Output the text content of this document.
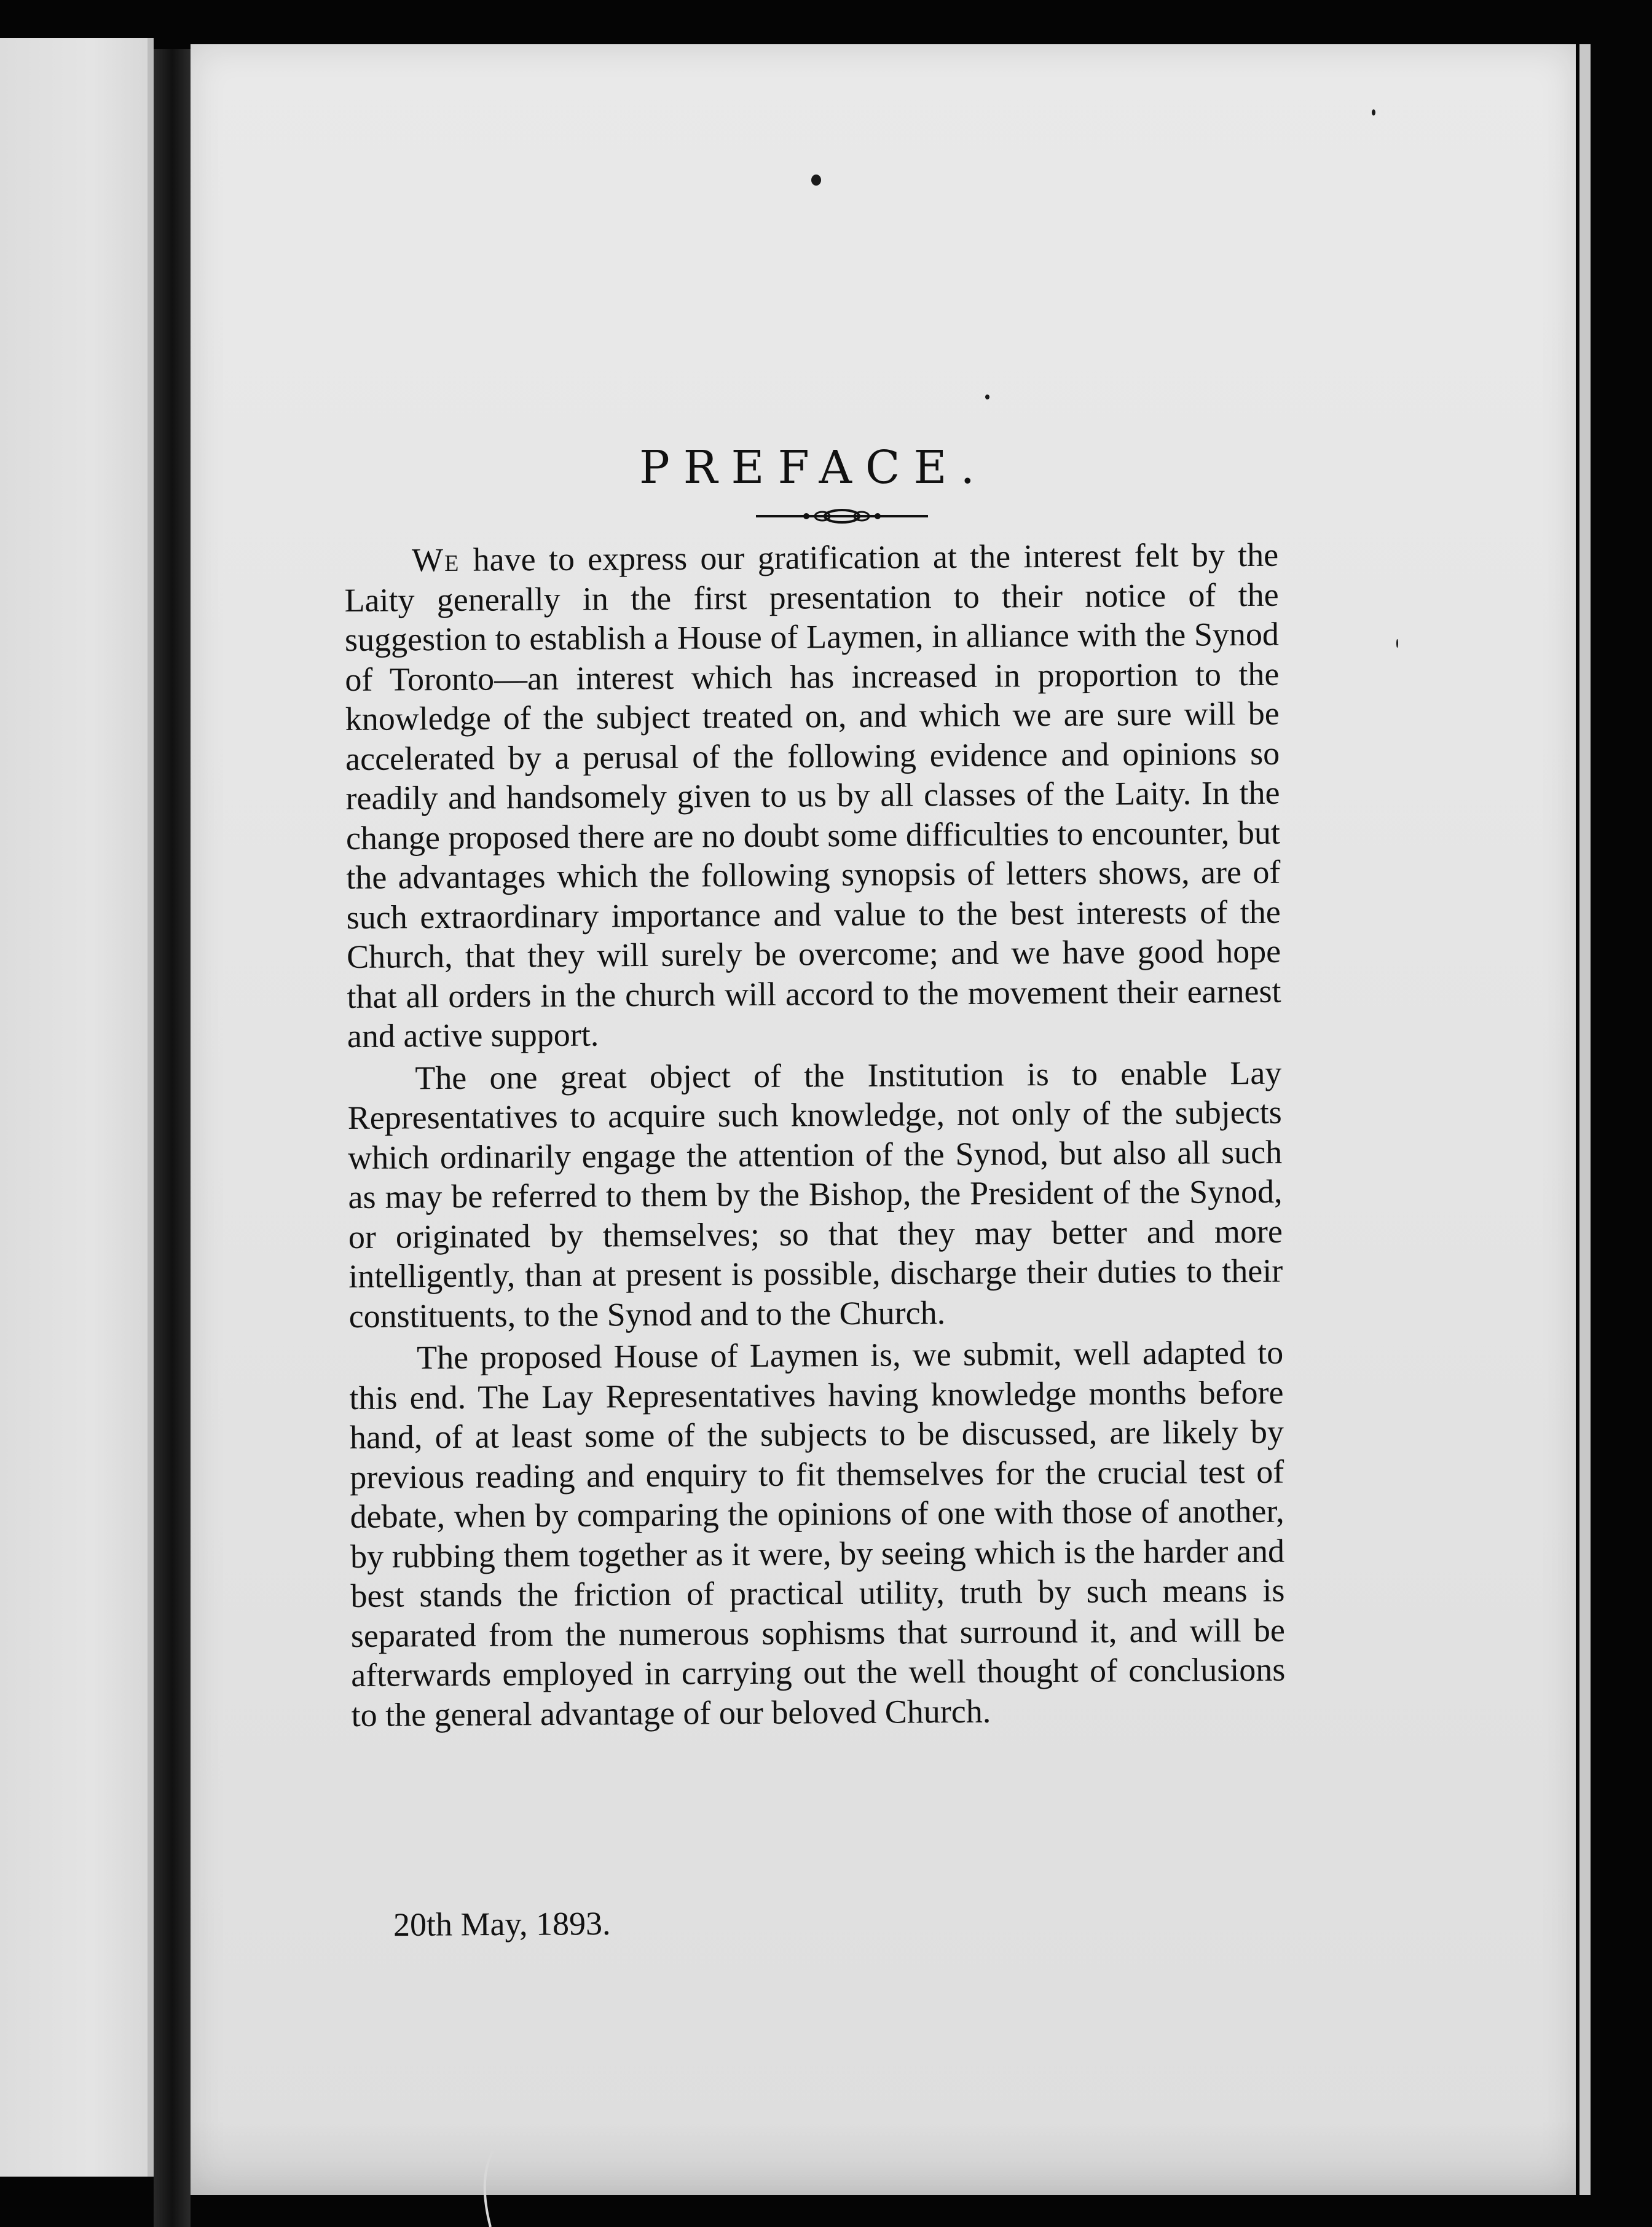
PREFACE.

We have to express our gratification at the interest felt by the Laity generally in the first presentation to their notice of the suggestion to establish a House of Laymen, in alliance with the Synod of Toronto—an interest which has increased in proportion to the knowledge of the subject treated on, and which we are sure will be accelerated by a perusal of the following evidence and opinions so readily and handsomely given to us by all classes of the Laity. In the change proposed there are no doubt some difficulties to encounter, but the advantages which the following synopsis of letters shows, are of such extraordinary importance and value to the best interests of the Church, that they will surely be overcome; and we have good hope that all orders in the church will accord to the movement their earnest and active support.

The one great object of the Institution is to enable Lay Representatives to acquire such knowledge, not only of the subjects which ordinarily engage the attention of the Synod, but also all such as may be referred to them by the Bishop, the President of the Synod, or originated by themselves; so that they may better and more intelligently, than at present is possible, discharge their duties to their constituents, to the Synod and to the Church.

The proposed House of Laymen is, we submit, well adapted to this end. The Lay Representatives having knowledge months before hand, of at least some of the subjects to be discussed, are likely by previous reading and enquiry to fit themselves for the crucial test of debate, when by comparing the opinions of one with those of another, by rubbing them together as it were, by seeing which is the harder and best stands the friction of practical utility, truth by such means is separated from the numerous sophisms that surround it, and will be afterwards employed in carrying out the well thought of conclusions to the general advantage of our beloved Church.

20th May, 1893.
